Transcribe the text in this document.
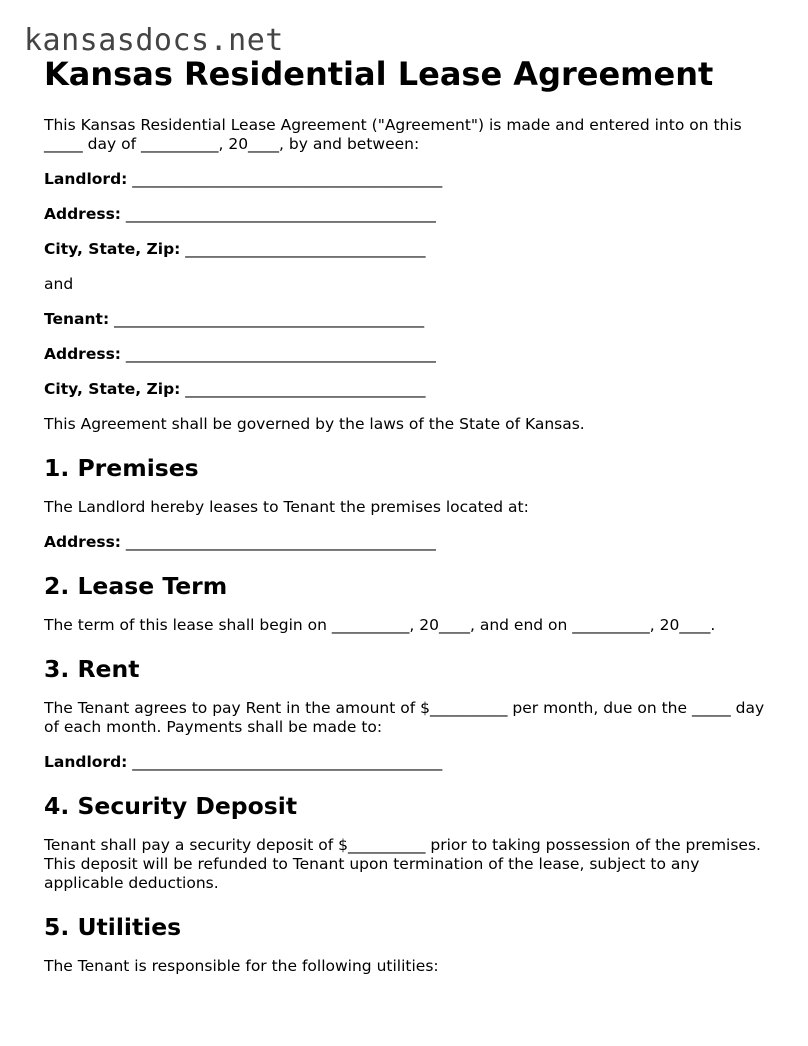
kansasdocs.net
Kansas Residential Lease Agreement

This Kansas Residential Lease Agreement ("Agreement") is made and entered into on this _____ day of __________, 20____, by and between:

Landlord: ________________________________________
Address: ________________________________________
City, State, Zip: _______________________________

and

Tenant: ________________________________________
Address: ________________________________________
City, State, Zip: _______________________________

This Agreement shall be governed by the laws of the State of Kansas.

1. Premises

The Landlord hereby leases to Tenant the premises located at:

Address: ________________________________________
2. Lease Term

The term of this lease shall begin on __________, 20____, and end on __________, 20____.

3. Rent

The Tenant agrees to pay Rent in the amount of $__________ per month, due on the _____ day of each month. Payments shall be made to:

Landlord: ________________________________________
4. Security Deposit

Tenant shall pay a security deposit of $__________ prior to taking possession of the premises. This deposit will be refunded to Tenant upon termination of the lease, subject to any applicable deductions.

5. Utilities

The Tenant is responsible for the following utilities:
